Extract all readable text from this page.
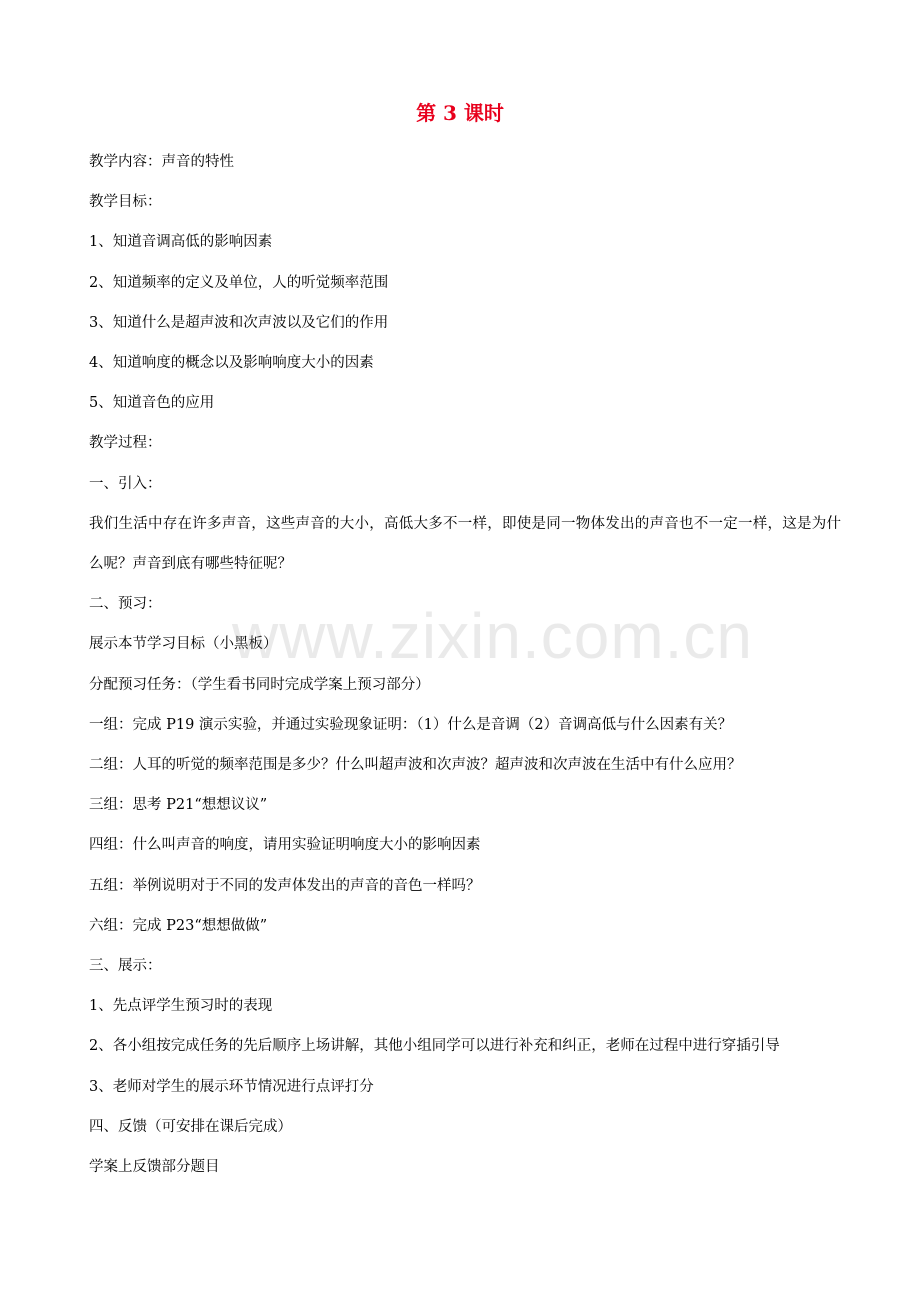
第 3 课时

教学内容：声音的特性

教学目标：

1、知道音调高低的影响因素

2、知道频率的定义及单位，人的听觉频率范围

3、知道什么是超声波和次声波以及它们的作用

4、知道响度的概念以及影响响度大小的因素

5、知道音色的应用

教学过程：

一、引入：

我们生活中存在许多声音，这些声音的大小，高低大多不一样，即使是同一物体发出的声音也不一定一样，这是为什么呢？声音到底有哪些特征呢？

二、预习：

展示本节学习目标（小黑板）

分配预习任务：（学生看书同时完成学案上预习部分）

一组：完成 P19 演示实验，并通过实验现象证明：（1）什么是音调（2）音调高低与什么因素有关？

二组：人耳的听觉的频率范围是多少？什么叫超声波和次声波？超声波和次声波在生活中有什么应用？

三组：思考 P21“想想议议”

四组：什么叫声音的响度，请用实验证明响度大小的影响因素

五组：举例说明对于不同的发声体发出的声音的音色一样吗？

六组：完成 P23“想想做做”

三、展示：

1、先点评学生预习时的表现

2、各小组按完成任务的先后顺序上场讲解，其他小组同学可以进行补充和纠正，老师在过程中进行穿插引导

3、老师对学生的展示环节情况进行点评打分

四、反馈（可安排在课后完成）

学案上反馈部分题目

www.zixin.com.cn
